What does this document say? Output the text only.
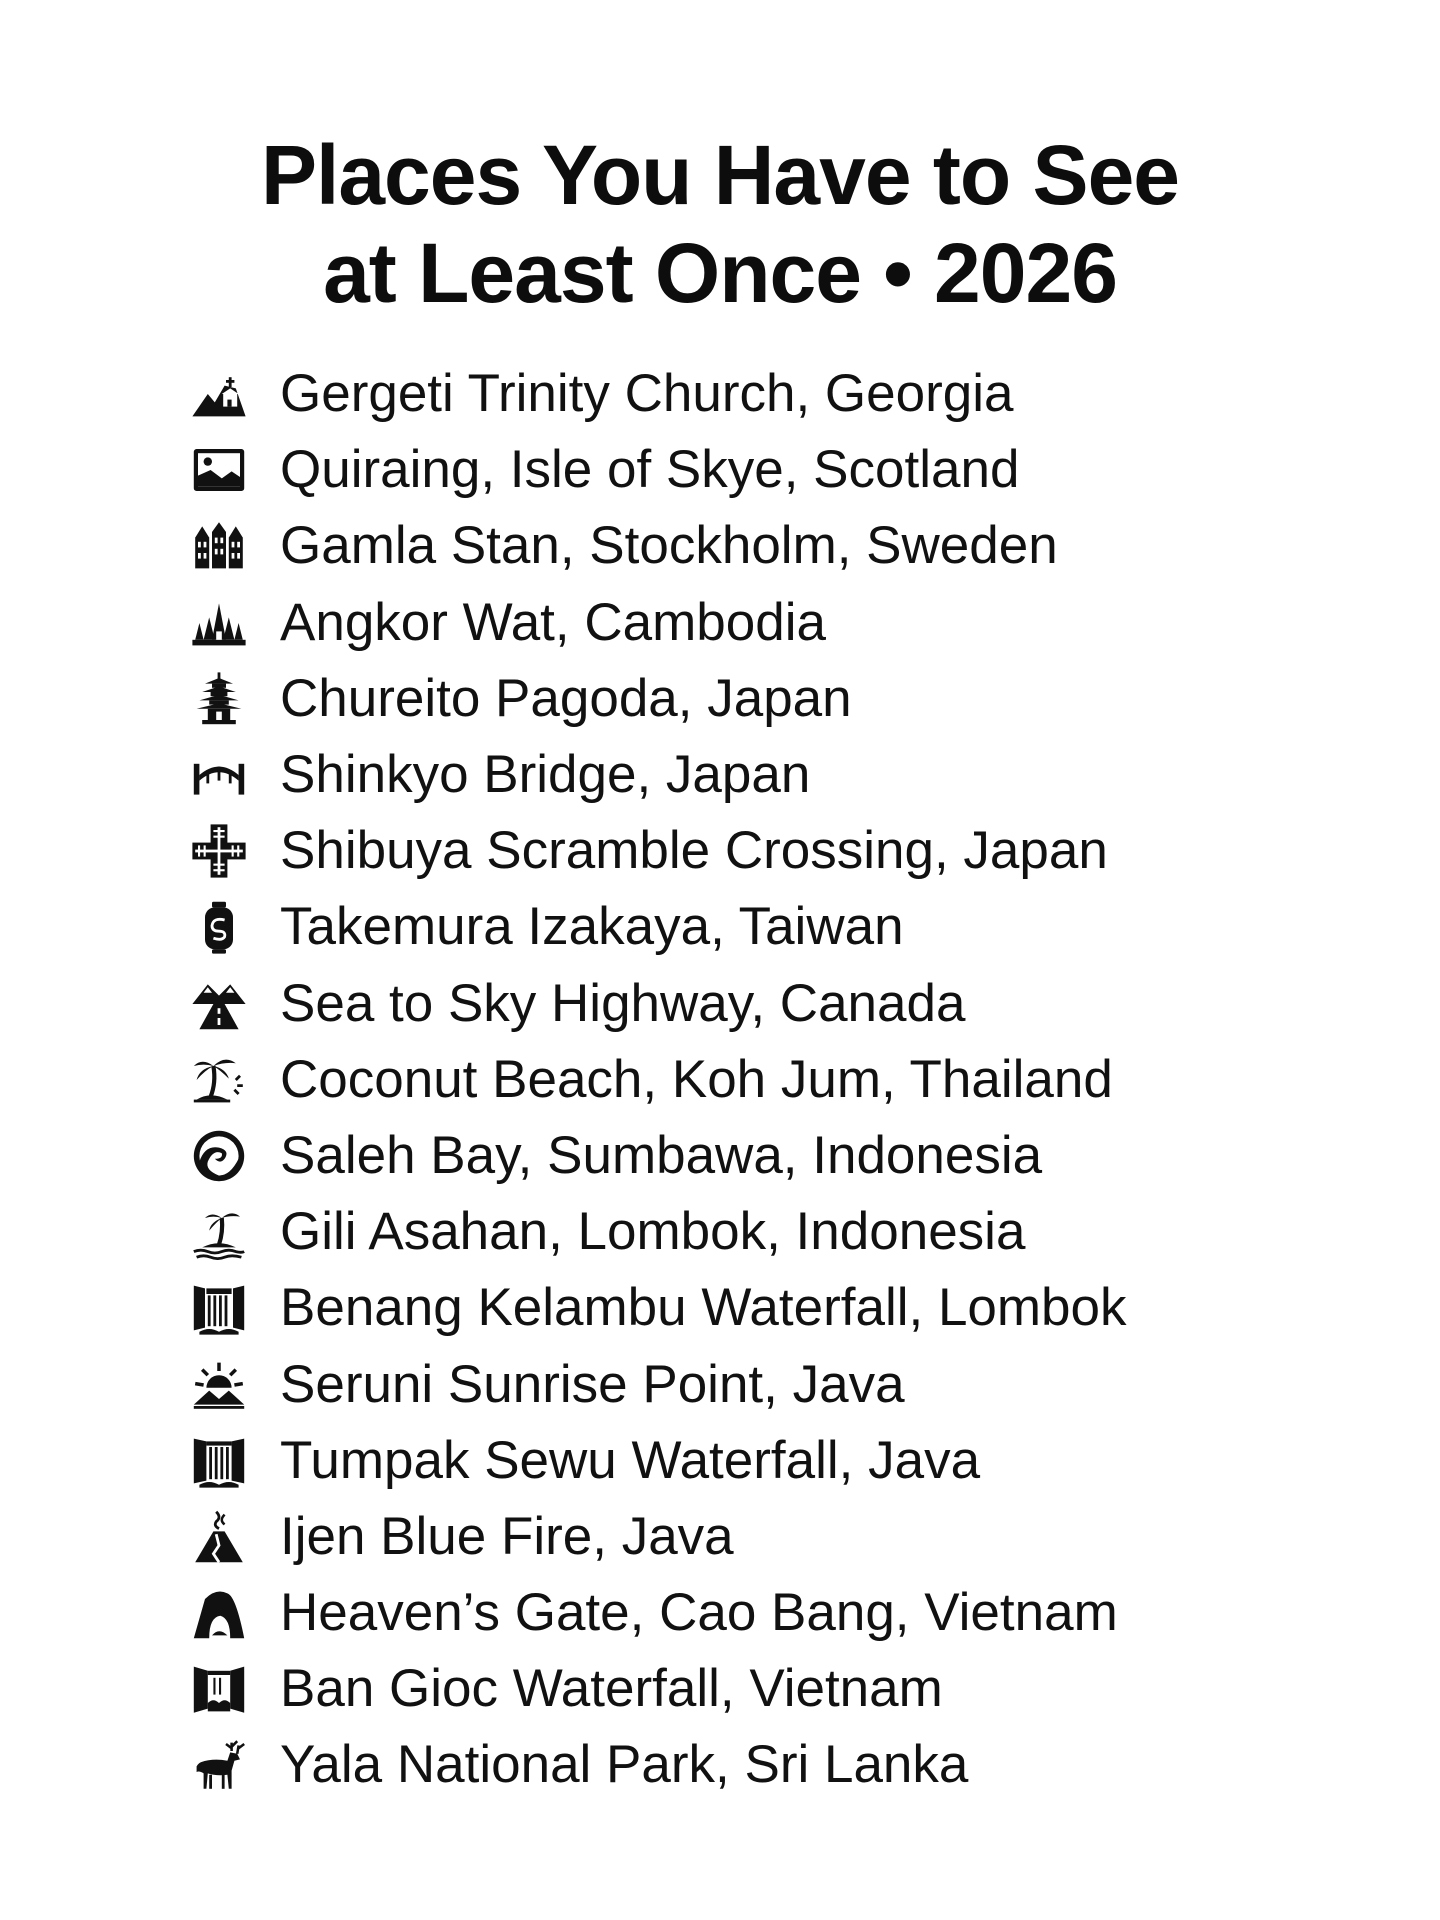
Places You Have to See
at Least Once • 2026
Gergeti Trinity Church, Georgia
Quiraing, Isle of Skye, Scotland
Gamla Stan, Stockholm, Sweden
Angkor Wat, Cambodia
Chureito Pagoda, Japan
Shinkyo Bridge, Japan
Shibuya Scramble Crossing, Japan
Takemura Izakaya, Taiwan
Sea to Sky Highway, Canada
Coconut Beach, Koh Jum, Thailand
Saleh Bay, Sumbawa, Indonesia
Gili Asahan, Lombok, Indonesia
Benang Kelambu Waterfall, Lombok
Seruni Sunrise Point, Java
Tumpak Sewu Waterfall, Java
Ijen Blue Fire, Java
Heaven’s Gate, Cao Bang, Vietnam
Ban Gioc Waterfall, Vietnam
Yala National Park, Sri Lanka
